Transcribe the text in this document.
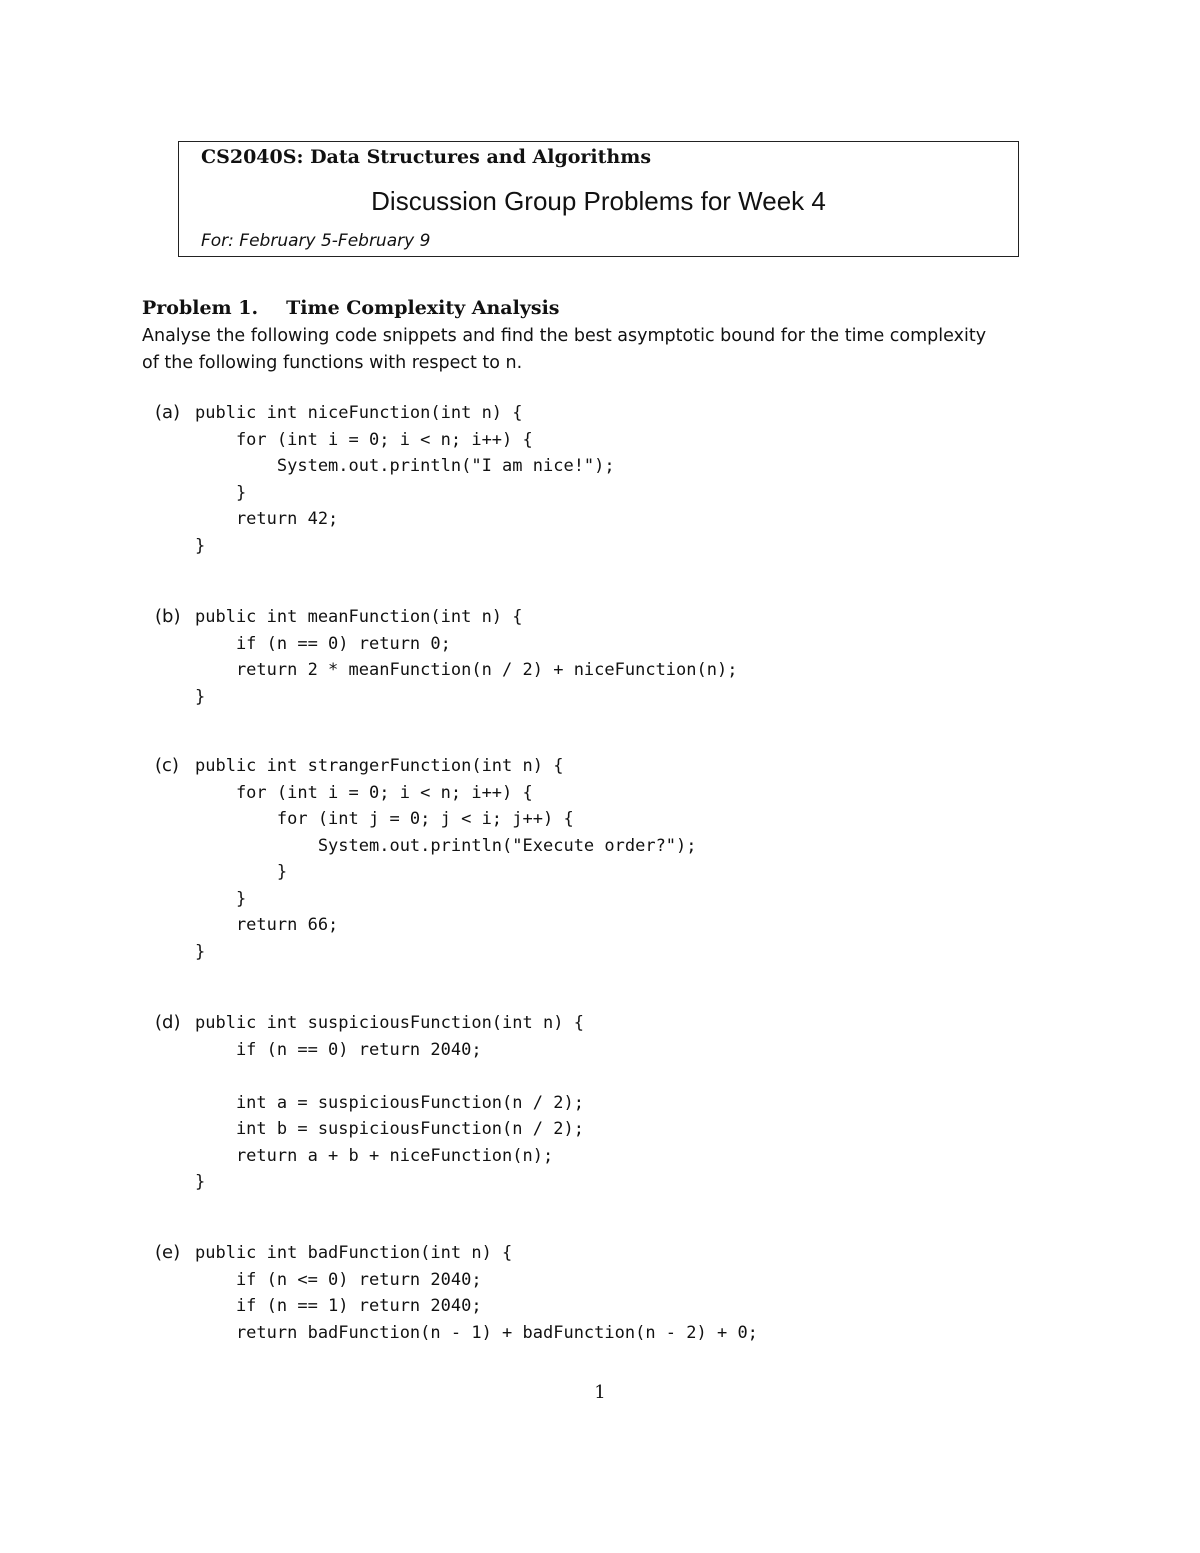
CS2040S: Data Structures and Algorithms
Discussion Group Problems for Week 4
For: February 5-February 9
Problem 1. Time Complexity Analysis

Analyse the following code snippets and find the best asymptotic bound for the time complexity

of the following functions with respect to n.

(a) public int niceFunction(int n) {
for (int i = 0; i < n; i++) {
System.out.println("I am nice!");
}
return 42;
}
(b) public int meanFunction(int n) {
if (n == 0) return 0;
return 2 * meanFunction(n / 2) + niceFunction(n);
}
(c) public int strangerFunction(int n) {
for (int i = 0; i < n; i++) {
for (int j = 0; j < i; j++) {
System.out.println("Execute order?");
}
}
return 66;
}
(d) public int suspiciousFunction(int n) {
if (n == 0) return 2040;

int a = suspiciousFunction(n / 2);
int b = suspiciousFunction(n / 2);
return a + b + niceFunction(n);
}
(e) public int badFunction(int n) {
if (n <= 0) return 2040;
if (n == 1) return 2040;
return badFunction(n - 1) + badFunction(n - 2) + 0;
1
